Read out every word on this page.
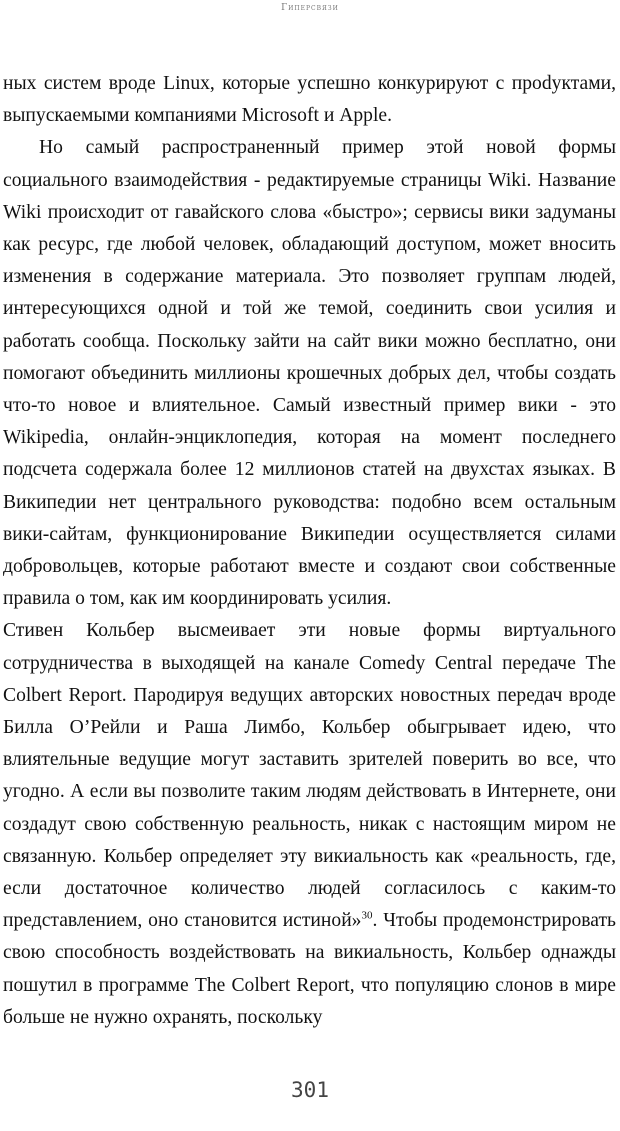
Гиперсвязи

ных систем вроде Linux, которые успешно конкурируют с проdуктами, выпускаемыми компаниями Microsoft и Apple.

Но самый распространенный пример этой новой формы социального взаимодействия - редактируемые страницы Wiki. Название Wiki происходит от гавайского слова «быстро»; сервисы вики задуманы как ресурс, где любой человек, обладающий доступом, может вносить изменения в содержание материала. Это позволяет группам людей, интересующихся одной и той же темой, соединить свои усилия и работать сообща. Поскольку зайти на сайт вики можно бесплатно, они помогают объединить миллионы крошечных добрых дел, чтобы создать что-то новое и влиятельное. Самый известный пример вики - это Wikipedia, онлайн-энциклопедия, которая на момент последнего подсчета содержала более 12 миллионов статей на двухстах языках. В Википедии нет центрального руководства: подобно всем остальным вики-сайтам, функционирование Википедии осуществляется силами добровольцев, которые работают вместе и создают свои собственные правила о том, как им координировать усилия.

Стивен Кольбер высмеивает эти новые формы виртуального сотрудничества в выходящей на канале Comedy Central передаче The Colbert Report. Пародируя ведущих авторских новостных передач вроде Билла О’Рейли и Раша Лимбо, Кольбер обыгрывает идею, что влиятельные ведущие могут заставить зрителей поверить во все, что угодно. А если вы позволите таким людям действовать в Интернете, они создадут свою собственную реальность, никак с настоящим миром не связанную. Кольбер определяет эту викиальность как «реальность, где, если достаточное количество людей согласилось с каким-то представлением, оно становится истиной»$^{30}$. Чтобы продемонстрировать свою способность воздействовать на викиальность, Кольбер однажды пошутил в программе The Colbert Report, что популяцию слонов в мире больше не нужно охранять, поскольку

301
